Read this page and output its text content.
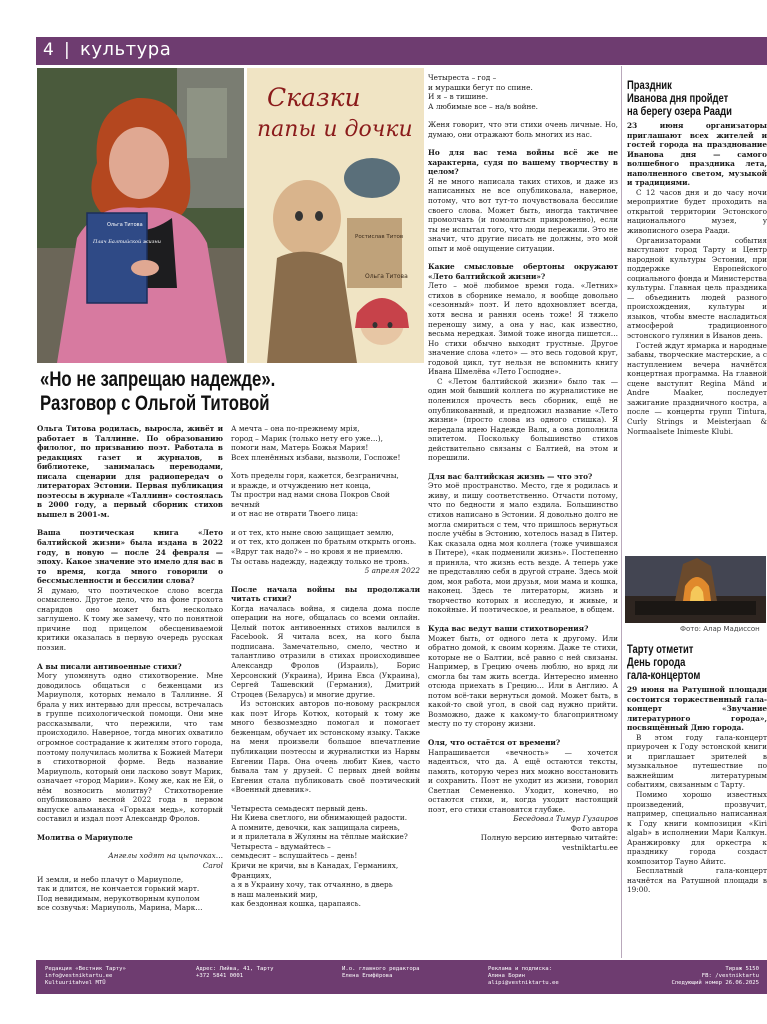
4 | культура
Ольга Титова
Плач Балтийской жизни
Сказки
папы и дочки
Ростислав Титов
Ольга Титова
«Но не запрещаю надежде».
Разговор с Ольгой Титовой

Ольга Титова родилась, выросла, живёт и работает в Таллинне. По образованию филолог, по призванию поэт. Работала в редакциях газет и журналов, в библиотеке, занималась переводами, писала сценарии для радиопередач о литераторах Эстонии. Первая публикация поэтессы в журнале «Таллинн» состоялась в 2000 году, а первый сборник стихов вышел в 2001-м.

Ваша поэтическая книга «Лето балтийской жизни» была издана в 2022 году, в новую — после 24 февраля — эпоху. Какое значение это имело для вас в то время, когда много говорили о бессмысленности и бессилии слова?

Я думаю, что поэтическое слово всегда осмыслено. Другое дело, что на фоне грохота снарядов оно может быть несколько заглушено. К тому же замечу, что по понятной причине под прицелом обесцениваемой критики оказалась в первую очередь русская поэзия.

А вы писали антивоенные стихи?

Могу упомянуть одно стихотворение. Мне доводилось общаться с беженцами из Мариуполя, которых немало в Таллинне. Я брала у них интервью для прессы, встречалась в группе психологической помощи. Они мне рассказывали, что пережили, что там происходило. Наверное, тогда многих охватило огромное сострадание к жителям этого города, поэтому получилась молитва к Божией Матери в стихотворной форме. Ведь название Мариуполь, который они ласково зовут Марик, означает «город Марии». Кому же, как не Ей, о нём возносить молитву? Стихотворение опубликовано весной 2022 года в первом выпуске альманаха «Горькая медь», который составил и издал поэт Александр Фролов.

Молитва о Мариуполе

Ангелы ходят на цыпочках…

Carol

И земля, и небо плачут о Мариуполе,
так и длится, не кончается горький март.
Под невидимым, нерукотворным куполом
все созвучья: Мариуполь, Марина, Марк…

А мечта – она по-прежнему мрія,
город – Марик (только нету его уже…),
помоги нам, Матерь Божья Мария!
Всех пленённых избави, вызволи, Госпоже!

Хоть пределы горя, кажется, безграничны,
и вражде, и отчуждению нет конца,
Ты простри над нами снова Покров Свой вечный
и от нас не отврати Твоего лица:

и от тех, кто ныне свою защищает землю,
и от тех, кто должен по братьям открыть огонь.
«Вдруг так надо?» – но кровя я не приемлю.
Ты оставь надежду, надежду только не тронь.

5 апреля 2022

После начала войны вы продолжали читать стихи?

Когда началась война, я сидела дома после операции на ноге, общалась со всеми онлайн. Целый поток антивоенных стихов вылился в Facebook. Я читала всех, на кого была подписана. Замечательно, смело, честно и талантливо отразили в стихах происходившее Александр Фролов (Израиль), Борис Херсонский (Украина), Ирина Евса (Украина), Сергей Ташевский (Германия), Дмитрий Строцев (Беларусь) и многие другие.

Из эстонских авторов по-новому раскрылся как поэт Игорь Котюх, который к тому же много безвозмездно помогал и помогает беженцам, обучает их эстонскому языку. Также на меня произвели большое впечатление публикации поэтессы и журналистки из Нарвы Евгении Парв. Она очень любит Киев, часто бывала там у друзей. С первых дней войны Евгения стала публиковать своё поэтический «Военный дневник».

Четыреста семьдесят первый день.
Ни Киева светлого, ни обнимающей радости.
А помните, девочки, как защищала сирень,
и я прилетала в Жуляны на тёплые майские?
Четыреста – вдумайтесь –
семьдесят – вслушайтесь – день!
Кричи не кричи, вы в Канадах, Германиях, Франциях,
а я в Украину хочу, так отчаянно, в дверь
в наш маленький мир,
как бездонная кошка, царапаясь.

Четыреста – год –
и мурашки бегут по спине.
И я – в тишине.
А любимые все – на/в войне.

Женя говорит, что эти стихи очень личные. Но, думаю, они отражают боль многих из нас.

Но для вас тема войны всё же не характерна, судя по вашему творчеству в целом?

Я не много написала таких стихов, и даже из написанных не все опубликовала, наверное, потому, что вот тут-то почувствовала бессилие своего слова. Может быть, иногда тактичнее промолчать (и помолиться прикровенно), если ты не испытал того, что люди пережили. Это не значит, что другие писать не должны, это мой опыт и моё ощущение ситуации.

Какие смысловые обертоны окружают «Лето балтийской жизни»?

Лето – моё любимое время года. «Летних» стихов в сборнике немало, я вообще довольно «сезонный» поэт. И лето вдохновляет всегда, хотя весна и ранняя осень тоже! Я тяжело переношу зиму, а она у нас, как известно, весьма нередкая. Зимой тоже иногда пишется… Но стихи обычно выходят грустные. Другое значение слова «лето» — это весь годовой круг, годовой цикл, тут нельзя не вспомнить книгу Ивана Шмелёва «Лето Господне».

С «Летом балтийской жизни» было так — один мой бывший коллега по журналистике не поленился прочесть весь сборник, ещё не опубликованный, и предложил название «Лето жизни» (просто слова из одного стишка). Я передала идею Надежде Валк, а она дополнила эпитетом. Поскольку большинство стихов действительно связаны с Балтией, на этом и порешили.

Для вас балтийская жизнь — что это?

Это моё пространство. Место, где я родилась и живу, и пишу соответственно. Отчасти потому, что по бедности я мало ездила. Большинство стихов написано в Эстонии. Я довольно долго не могла смириться с тем, что пришлось вернуться после учёбы в Эстонию, хотелось назад в Питер. Как сказала одна моя коллега (тоже учившаяся в Питере), «как подменили жизнь». Постепенно я приняла, что жизнь есть везде. А теперь уже не представляю себя в другой стране. Здесь мой дом, моя работа, мои друзья, мои мама и кошка, наконец. Здесь те литераторы, жизнь и творчество которых я исследую, и живые, и покойные. И поэтическое, и реальное, в общем.

Куда вас ведут ваши стихотворения?

Может быть, от одного лета к другому. Или обратно домой, к своим корням. Даже те стихи, которые не о Балтии, всё равно с ней связаны. Например, в Грецию очень люблю, но вряд ли смогла бы там жить всегда. Интересно именно отсюда приехать в Грецию… Или в Англию. А потом всё-таки вернуться домой. Может быть, в какой-то свой угол, в свой сад нужно прийти. Возможно, даже к какому-то благоприятному месту по ту сторону жизни.

Оля, что остаётся от времени?

Напрашивается «вечность» — хочется надеяться, что да. А ещё остаются тексты, память, которую через них можно восстановить и сохранить. Поэт не уходит из жизни, говорил Светлан Семененко. Уходит, конечно, но остаются стихи, и, когда уходит настоящий поэт, его стихи становятся глубже.

Беседовал Тимур Гузаиров

Фото автора

Полную версию интервью читайте:

vestniktartu.ee

Праздник
Иванова дня пройдет
на берегу озера Раади

23 июня организаторы приглашают всех жителей и гостей города на празднование Иванова дня — самого волшебного праздника лета, наполненного светом, музыкой и традициями.

С 12 часов дня и до часу ночи мероприятие будет проходить на открытой территории Эстонского национального музея, у живописного озера Раади.

Организаторами события выступают город Тарту и Центр народной культуры Эстонии, при поддержке Европейского социального фонда и Министерства культуры. Главная цель праздника — объединить людей разного происхождения, культуры и языков, чтобы вместе насладиться атмосферой традиционного эстонского гуляния в Иванов день.

Гостей ждут ярмарка и народные забавы, творческие мастерские, а с наступлением вечера начнётся концертная программа. На главной сцене выступят Regina Mänd и Andre Maaker, последует зажигание праздничного костра, а после — концерты групп Tintura, Curly Strings и Meisterjaan & Normaalsete Inimeste Klubi.

Фото: Алар Мадиссон
Тарту отметит
День города
гала-концертом

29 июня на Ратушной площади состоится торжественный гала-концерт «Звучание литературного города», посвящённый Дню города.

В этом году гала-концерт приурочен к Году эстонской книги и приглашает зрителей в музыкальное путешествие по важнейшим литературным событиям, связанным с Тарту.

Помимо хорошо известных произведений, прозвучит, например, специально написанная к Году книги композиция «Kiri algab» в исполнении Мари Калкун. Аранжировку для оркестра к празднику города создаст композитор Тауно Айитс.

Бесплатный гала-концерт начнётся на Ратушной площади в 19:00.

Редакция «Вестник Тарту»
info@vestniktartu.ee
Kultuuritahvel MTÜ
Адрес: Лийва, 41, Тарту
+372 5841 0001
И.о. главного редактора
Елена Елифёрова
Реклама и подписка:
Алина Борин
alipi@vestniktartu.ee
Тираж 5150
FB: /vestniktartu
Следующий номер 26.06.2025
